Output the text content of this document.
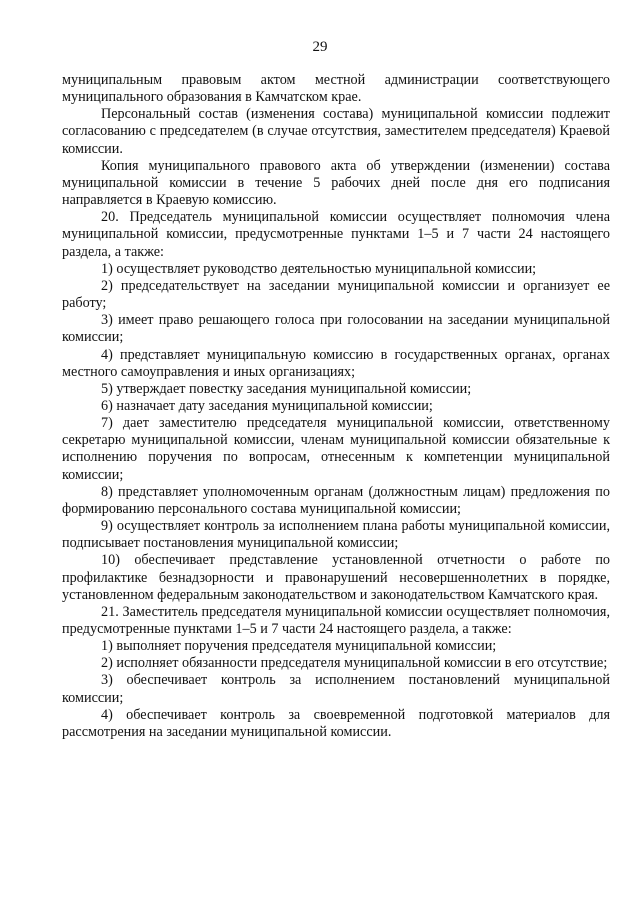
29

муниципальным правовым актом местной администрации соответствующего муниципального образования в Камчатском крае.

Персональный состав (изменения состава) муниципальной комиссии подлежит согласованию с председателем (в случае отсутствия, заместителем председателя) Краевой комиссии.

Копия муниципального правового акта об утверждении (изменении) состава муниципальной комиссии в течение 5 рабочих дней после дня его подписания направляется в Краевую комиссию.

20. Председатель муниципальной комиссии осуществляет полномочия члена муниципальной комиссии, предусмотренные пунктами 1–5 и 7 части 24 настоящего раздела, а также:

1) осуществляет руководство деятельностью муниципальной комиссии;

2) председательствует на заседании муниципальной комиссии и организует ее работу;

3) имеет право решающего голоса при голосовании на заседании муниципальной комиссии;

4) представляет муниципальную комиссию в государственных органах, органах местного самоуправления и иных организациях;

5) утверждает повестку заседания муниципальной комиссии;

6) назначает дату заседания муниципальной комиссии;

7) дает заместителю председателя муниципальной комиссии, ответственному секретарю муниципальной комиссии, членам муниципальной комиссии обязательные к исполнению поручения по вопросам, отнесенным к компетенции муниципальной комиссии;

8) представляет уполномоченным органам (должностным лицам) предложения по формированию персонального состава муниципальной комиссии;

9) осуществляет контроль за исполнением плана работы муниципальной комиссии, подписывает постановления муниципальной комиссии;

10) обеспечивает представление установленной отчетности о работе по профилактике безнадзорности и правонарушений несовершеннолетних в порядке, установленном федеральным законодательством и законодательством Камчатского края.

21. Заместитель председателя муниципальной комиссии осуществляет полномочия, предусмотренные пунктами 1–5 и 7 части 24 настоящего раздела, а также:

1) выполняет поручения председателя муниципальной комиссии;

2) исполняет обязанности председателя муниципальной комиссии в его отсутствие;

3) обеспечивает контроль за исполнением постановлений муниципальной комиссии;

4) обеспечивает контроль за своевременной подготовкой материалов для рассмотрения на заседании муниципальной комиссии.
